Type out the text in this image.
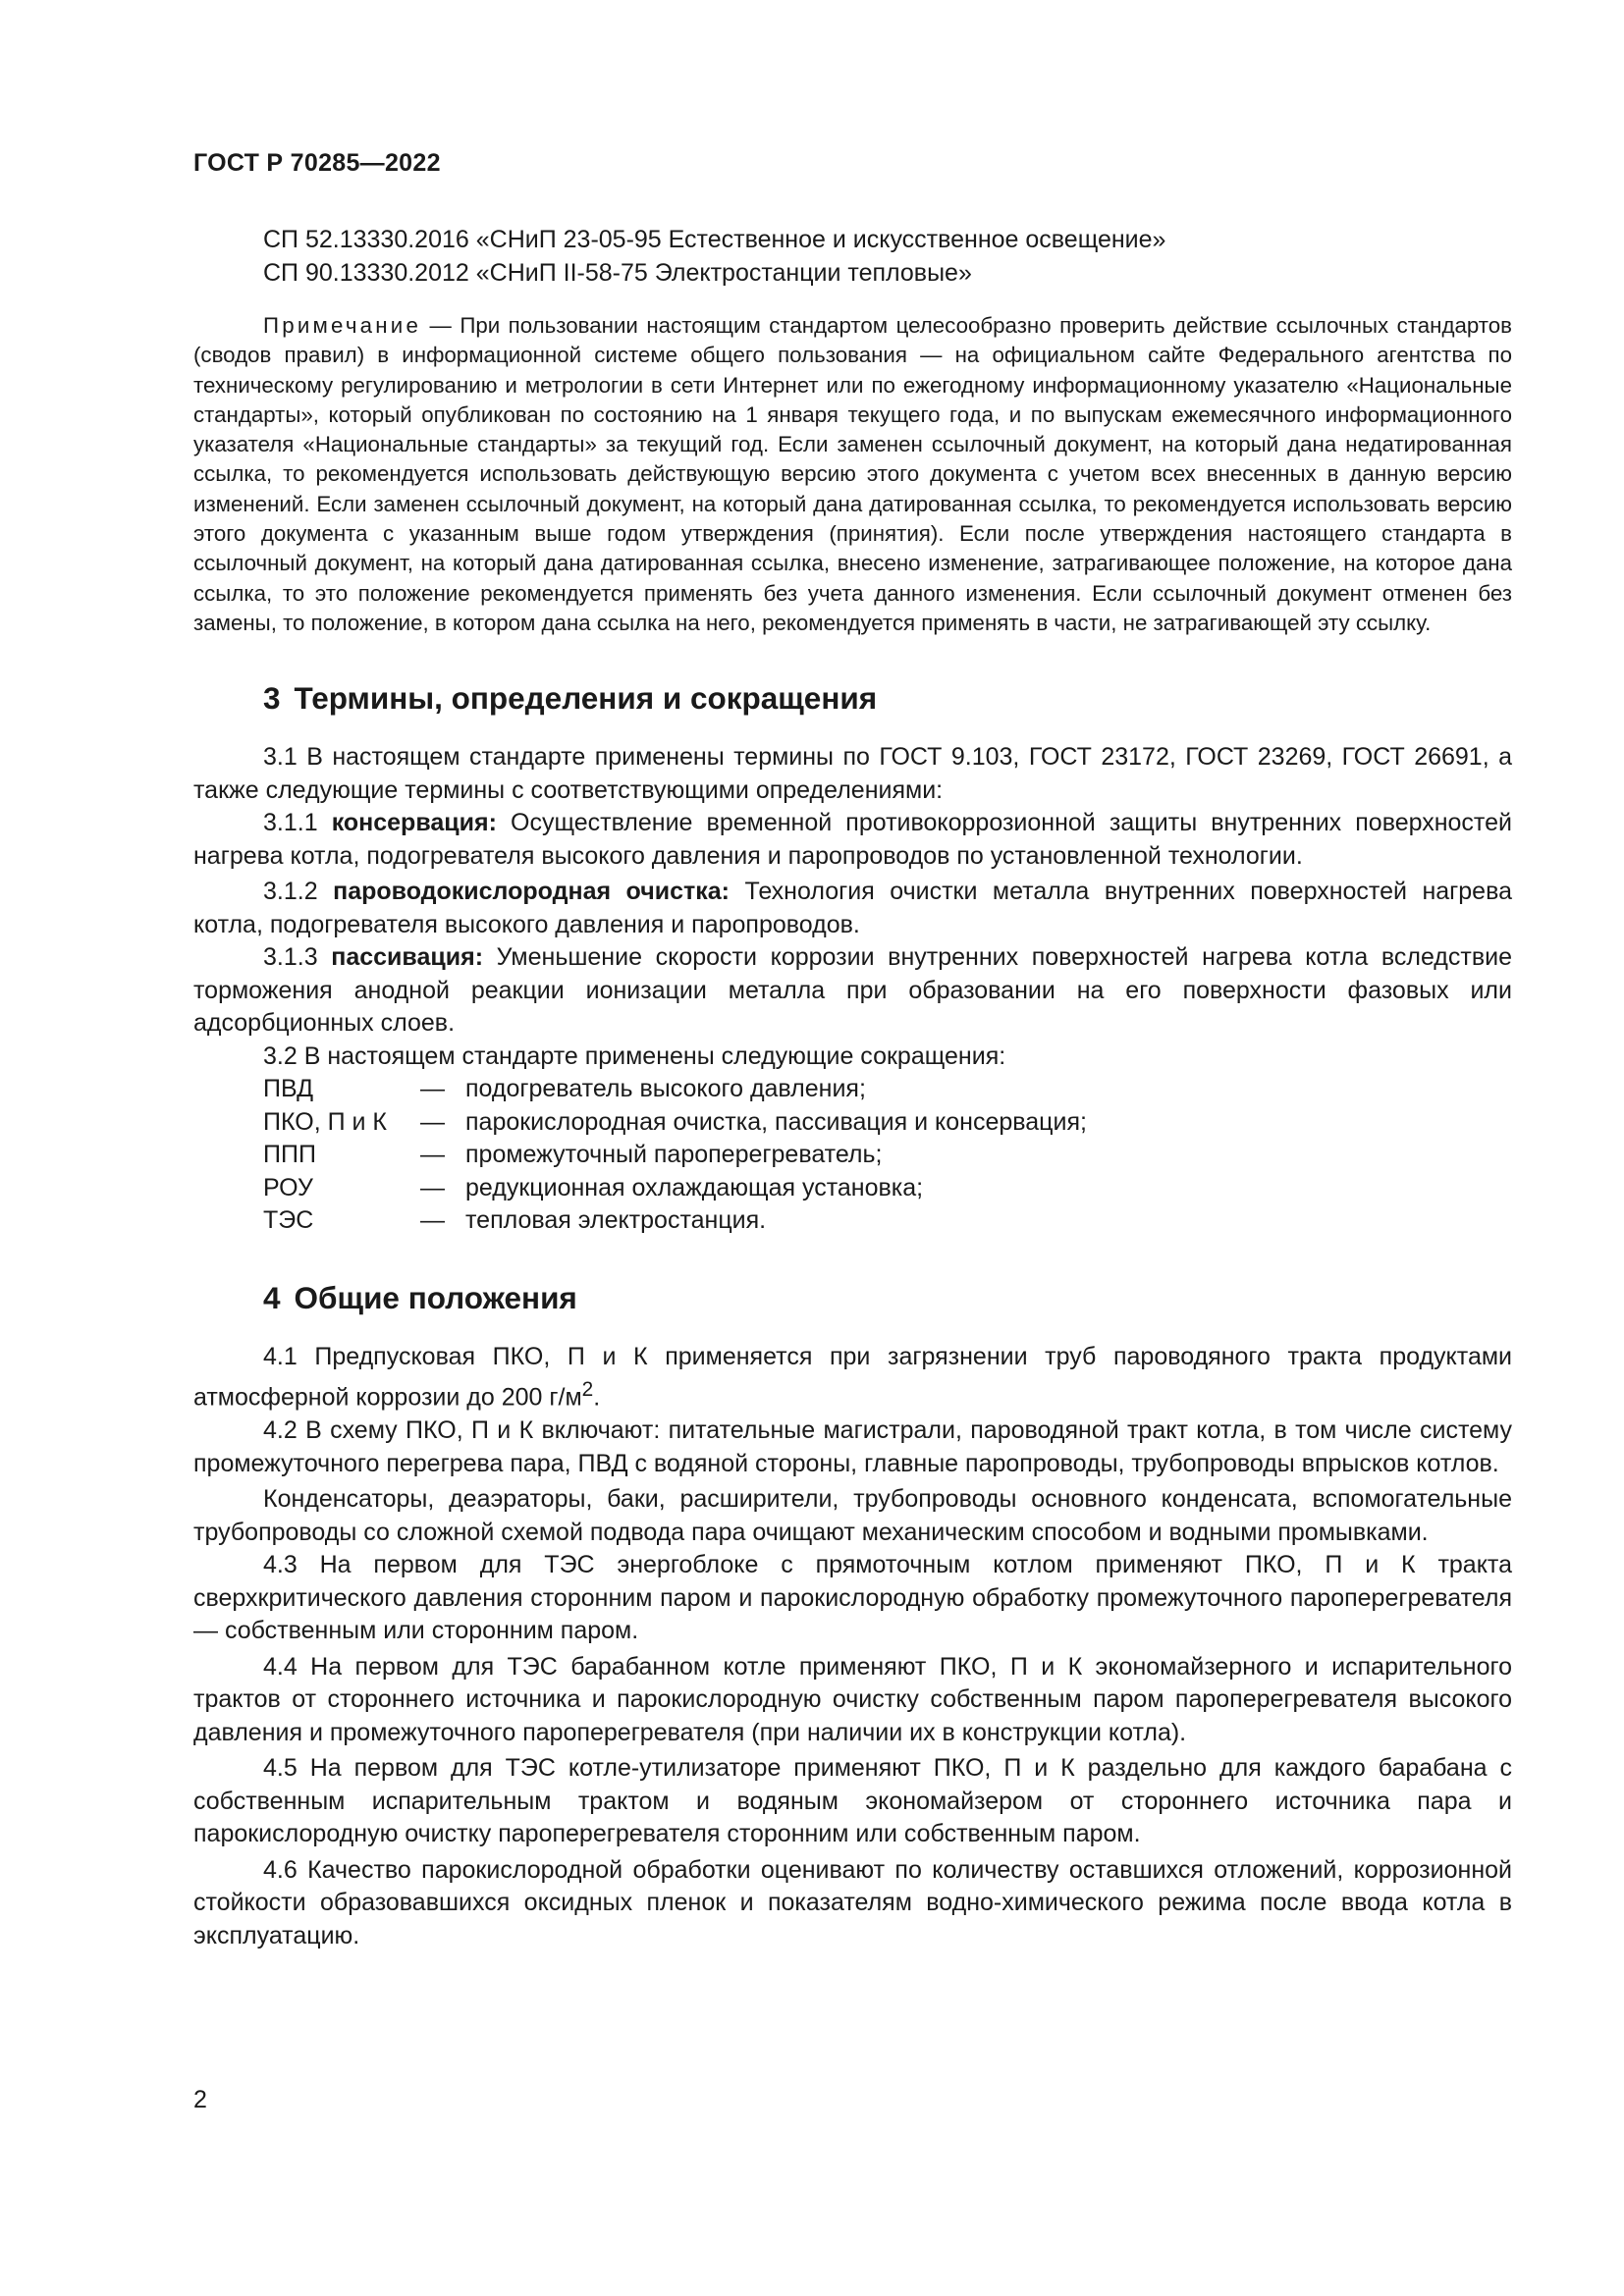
ГОСТ Р 70285—2022
СП 52.13330.2016 «СНиП 23-05-95 Естественное и искусственное освещение»
СП 90.13330.2012 «СНиП II-58-75 Электростанции тепловые»
Примечание — При пользовании настоящим стандартом целесообразно проверить действие ссылочных стандартов (сводов правил) в информационной системе общего пользования — на официальном сайте Федерального агентства по техническому регулированию и метрологии в сети Интернет или по ежегодному информационному указателю «Национальные стандарты», который опубликован по состоянию на 1 января текущего года, и по выпускам ежемесячного информационного указателя «Национальные стандарты» за текущий год. Если заменен ссылочный документ, на который дана недатированная ссылка, то рекомендуется использовать действующую версию этого документа с учетом всех внесенных в данную версию изменений. Если заменен ссылочный документ, на который дана датированная ссылка, то рекомендуется использовать версию этого документа с указанным выше годом утверждения (принятия). Если после утверждения настоящего стандарта в ссылочный документ, на который дана датированная ссылка, внесено изменение, затрагивающее положение, на которое дана ссылка, то это положение рекомендуется применять без учета данного изменения. Если ссылочный документ отменен без замены, то положение, в котором дана ссылка на него, рекомендуется применять в части, не затрагивающей эту ссылку.
3 Термины, определения и сокращения

3.1 В настоящем стандарте применены термины по ГОСТ 9.103, ГОСТ 23172, ГОСТ 23269, ГОСТ 26691, а также следующие термины с соответствующими определениями:

3.1.1 консервация: Осуществление временной противокоррозионной защиты внутренних поверхностей нагрева котла, подогревателя высокого давления и паропроводов по установленной технологии.

3.1.2 пароводокислородная очистка: Технология очистки металла внутренних поверхностей нагрева котла, подогревателя высокого давления и паропроводов.

3.1.3 пассивация: Уменьшение скорости коррозии внутренних поверхностей нагрева котла вследствие торможения анодной реакции ионизации металла при образовании на его поверхности фазовых или адсорбционных слоев.

3.2 В настоящем стандарте применены следующие сокращения:

ПВД	—	подогреватель высокого давления;
ПКО, П и К	—	парокислородная очистка, пассивация и консервация;
ППП	—	промежуточный пароперегреватель;
РОУ	—	редукционная охлаждающая установка;
ТЭС	—	тепловая электростанция.
4 Общие положения

4.1 Предпусковая ПКО, П и К применяется при загрязнении труб пароводяного тракта продуктами атмосферной коррозии до 200 $г/м^2$.

4.2 В схему ПКО, П и К включают: питательные магистрали, пароводяной тракт котла, в том числе систему промежуточного перегрева пара, ПВД с водяной стороны, главные паропроводы, трубопроводы впрысков котлов.

Конденсаторы, деаэраторы, баки, расширители, трубопроводы основного конденсата, вспомогательные трубопроводы со сложной схемой подвода пара очищают механическим способом и водными промывками.

4.3 На первом для ТЭС энергоблоке с прямоточным котлом применяют ПКО, П и К тракта сверхкритического давления сторонним паром и парокислородную обработку промежуточного пароперегревателя — собственным или сторонним паром.

4.4 На первом для ТЭС барабанном котле применяют ПКО, П и К экономайзерного и испарительного трактов от стороннего источника и парокислородную очистку собственным паром пароперегревателя высокого давления и промежуточного пароперегревателя (при наличии их в конструкции котла).

4.5 На первом для ТЭС котле-утилизаторе применяют ПКО, П и К раздельно для каждого барабана с собственным испарительным трактом и водяным экономайзером от стороннего источника пара и парокислородную очистку пароперегревателя сторонним или собственным паром.

4.6 Качество парокислородной обработки оценивают по количеству оставшихся отложений, коррозионной стойкости образовавшихся оксидных пленок и показателям водно-химического режима после ввода котла в эксплуатацию.

2
